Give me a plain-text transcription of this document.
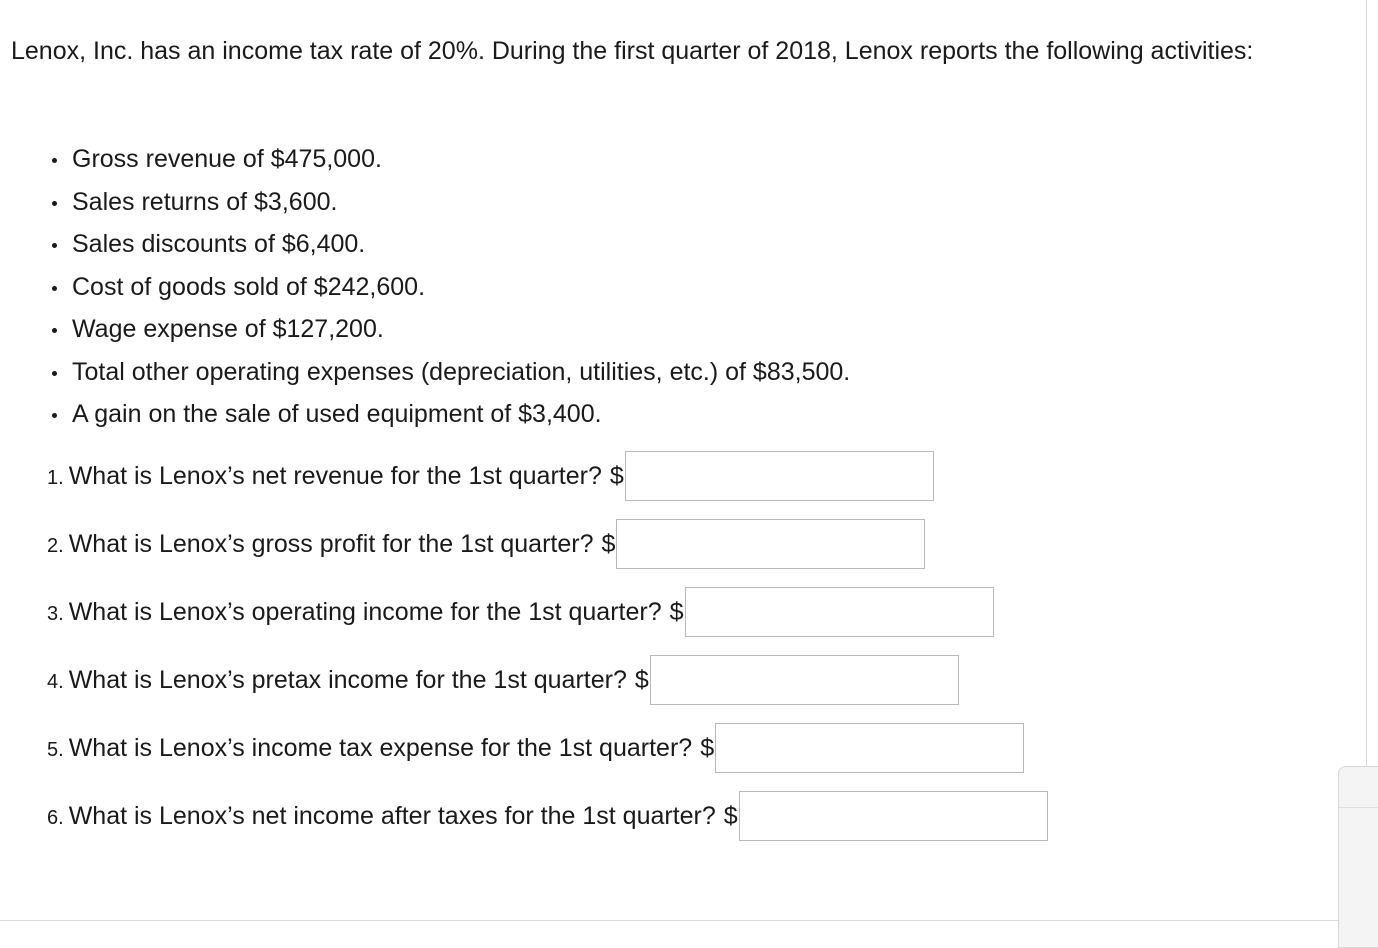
Lenox, Inc. has an income tax rate of 20%. During the first quarter of 2018, Lenox reports the following activities:

Gross revenue of $475,000.
Sales returns of $3,600.
Sales discounts of $6,400.
Cost of goods sold of $242,600.
Wage expense of $127,200.
Total other operating expenses (depreciation, utilities, etc.) of $83,500.
A gain on the sale of used equipment of $3,400.
1. What is Lenox’s net revenue for the 1st quarter? $
2. What is Lenox’s gross profit for the 1st quarter? $
3. What is Lenox’s operating income for the 1st quarter? $
4. What is Lenox’s pretax income for the 1st quarter? $
5. What is Lenox’s income tax expense for the 1st quarter? $
6. What is Lenox’s net income after taxes for the 1st quarter? $
